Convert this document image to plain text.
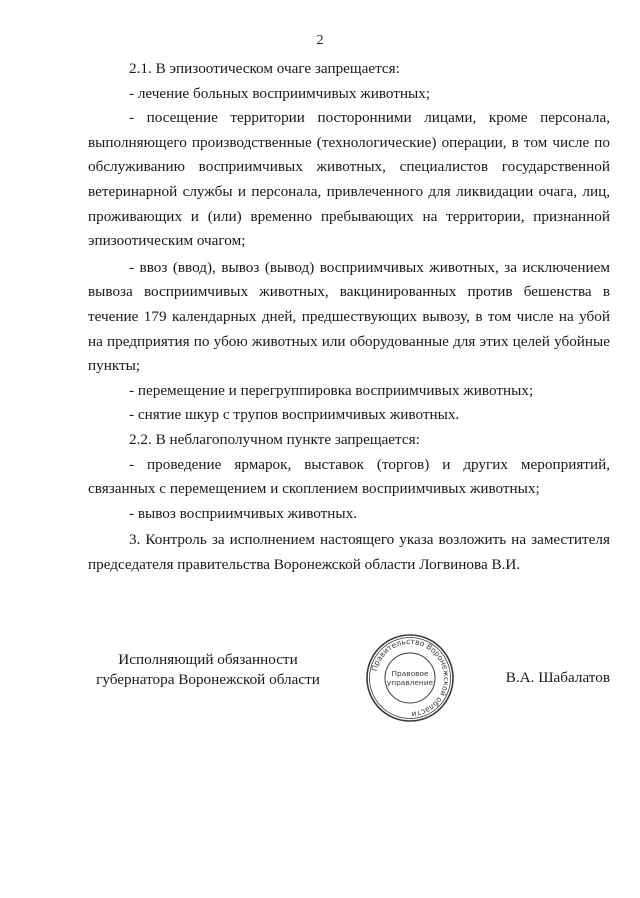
2

2.1. В эпизоотическом очаге запрещается:

- лечение больных восприимчивых животных;

- посещение территории посторонними лицами, кроме персонала, выполняющего производственные (технологические) операции, в том числе по обслуживанию восприимчивых животных, специалистов государственной ветеринарной службы и персонала, привлеченного для ликвидации очага, лиц, проживающих и (или) временно пребывающих на территории, признанной эпизоотическим очагом;

- ввоз (ввод), вывоз (вывод) восприимчивых животных, за исключением вывоза восприимчивых животных, вакцинированных против бешенства в течение 179 календарных дней, предшествующих вывозу, в том числе на убой на предприятия по убою животных или оборудованные для этих целей убойные пункты;

- перемещение и перегруппировка восприимчивых животных;

- снятие шкур с трупов восприимчивых животных.

2.2. В неблагополучном пункте запрещается:

- проведение ярмарок, выставок (торгов) и других мероприятий, связанных с перемещением и скоплением восприимчивых животных;

- вывоз восприимчивых животных.

3. Контроль за исполнением настоящего указа возложить на заместителя председателя правительства Воронежской области Логвинова В.И.

Исполняющий обязанности
губернатора Воронежской области
Правительство Воронежской области
Правовое
управление	В.А. Шабалатов
